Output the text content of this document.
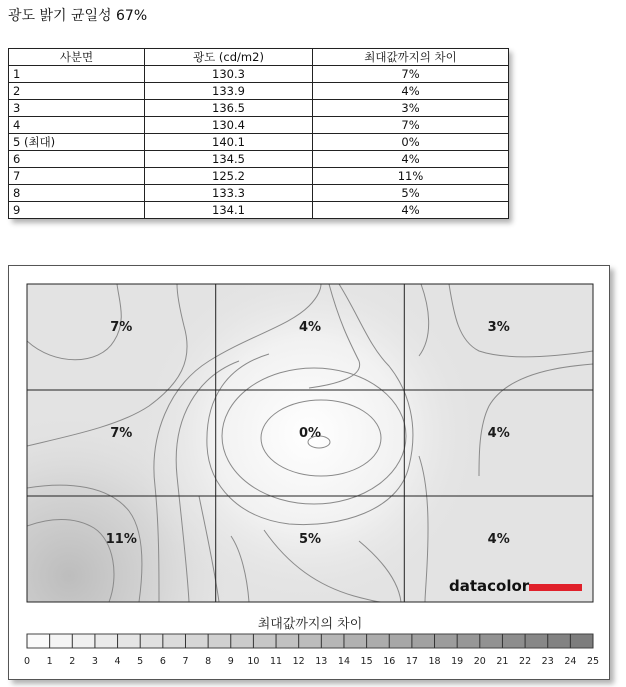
광도 밝기 균일성 67%
사분면	광도 (cd/m2)	최대값까지의 차이
1	130.3	7%
2	133.9	4%
3	136.5	3%
4	130.4	7%
5 (최대)	140.1	0%
6	134.5	4%
7	125.2	11%
8	133.3	5%
9	134.1	4%
7%	4%	3%
7%	0%	4%
11%	5%	4%
datacolor
최대값까지의 차이
0 1 2 3 4 5 6 7 8 9 10 11 12 13 14 15 16 17 18 19 20 21 22 23 24 25
